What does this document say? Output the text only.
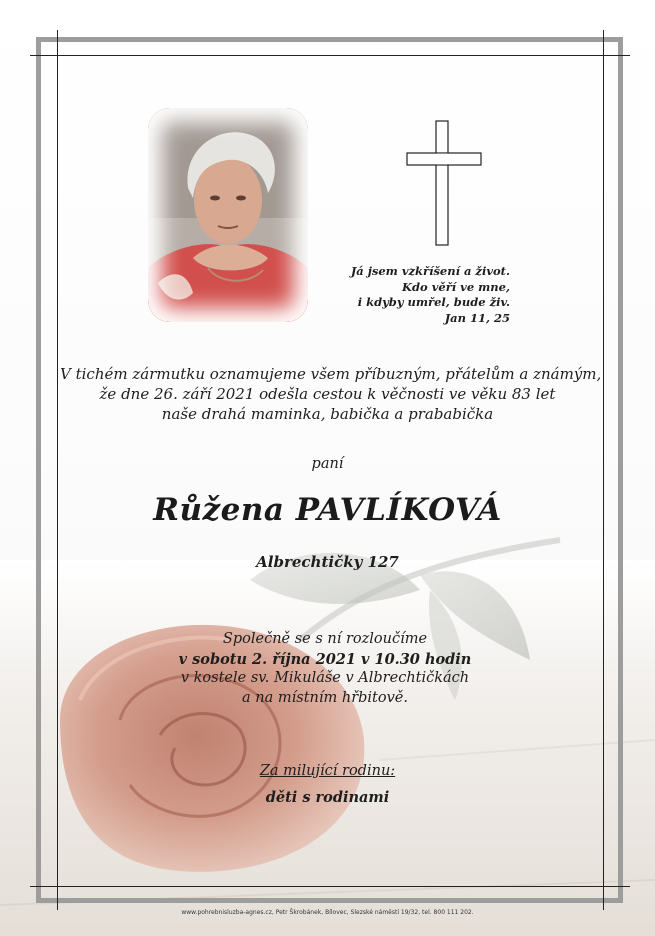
Já jsem vzkříšení a život.
Kdo věří ve mne,
i kdyby umřel, bude živ.
Jan 11, 25
V tichém zármutku oznamujeme všem příbuzným, přátelům a známým,
že dne 26. září 2021 odešla cestou k věčnosti ve věku 83 let
naše drahá maminka, babička a prababička
paní
Růžena PAVLÍKOVÁ
Albrechtičky 127
Společně se s ní rozloučíme
v sobotu 2. října 2021 v 10.30 hodin
v kostele sv. Mikuláše v Albrechtičkách
a na místním hřbitově.
Za milující rodinu:
děti s rodinami
www.pohrebnisluzba-agnes.cz, Petr Škrobánek, Bílovec, Slezské náměstí 19/32, tel. 800 111 202.
